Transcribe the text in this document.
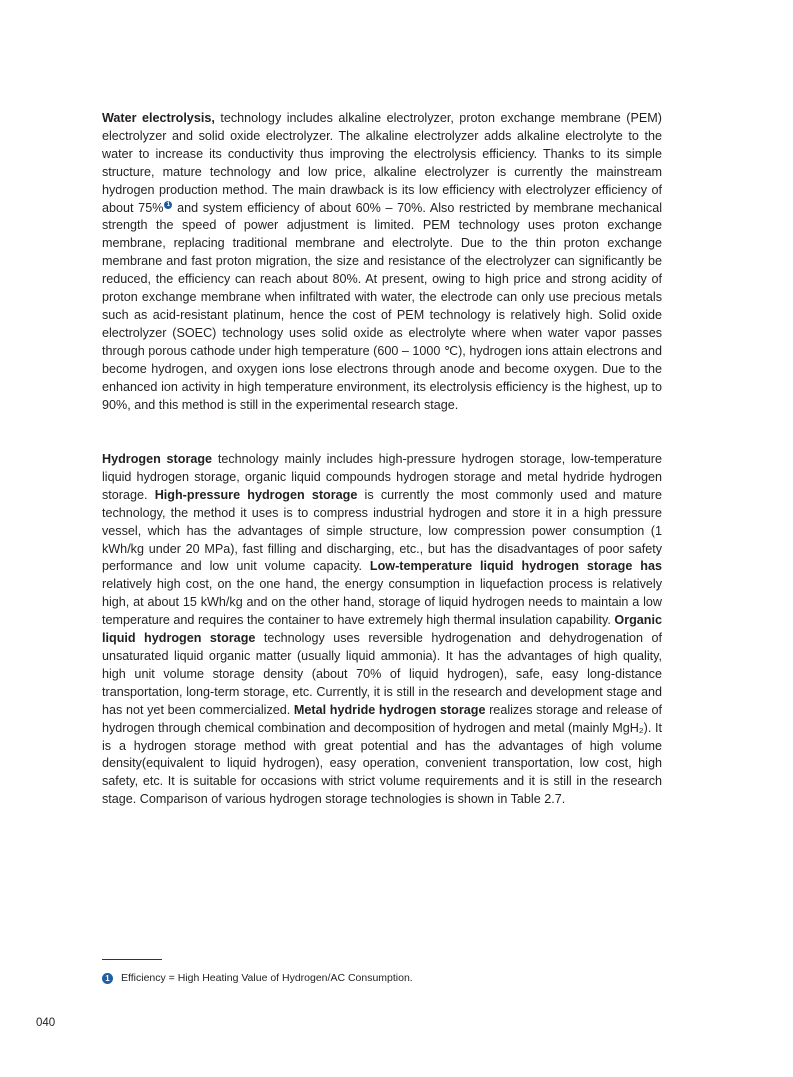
Water electrolysis, technology includes alkaline electrolyzer, proton exchange membrane (PEM) electrolyzer and solid oxide electrolyzer. The alkaline electrolyzer adds alkaline electrolyte to the water to increase its conductivity thus improving the electrolysis efficiency. Thanks to its simple structure, mature technology and low price, alkaline electrolyzer is currently the mainstream hydrogen production method. The main drawback is its low efficiency with electrolyzer efficiency of about 75% 1 and system efficiency of about 60% – 70%. Also restricted by membrane mechanical strength the speed of power adjustment is limited. PEM technology uses proton exchange membrane, replacing traditional membrane and electrolyte. Due to the thin proton exchange membrane and fast proton migration, the size and resistance of the electrolyzer can significantly be reduced, the efficiency can reach about 80%. At present, owing to high price and strong acidity of proton exchange membrane when infiltrated with water, the electrode can only use precious metals such as acid-resistant platinum, hence the cost of PEM technology is relatively high. Solid oxide electrolyzer (SOEC) technology uses solid oxide as electrolyte where when water vapor passes through porous cathode under high temperature (600 – 1000 ℃), hydrogen ions attain electrons and become hydrogen, and oxygen ions lose electrons through anode and become oxygen. Due to the enhanced ion activity in high temperature environment, its electrolysis efficiency is the highest, up to 90%, and this method is still in the experimental research stage.
Hydrogen storage technology mainly includes high-pressure hydrogen storage, low-temperature liquid hydrogen storage, organic liquid compounds hydrogen storage and metal hydride hydrogen storage. High-pressure hydrogen storage is currently the most commonly used and mature technology, the method it uses is to compress industrial hydrogen and store it in a high pressure vessel, which has the advantages of simple structure, low compression power consumption (1 kWh/kg under 20 MPa), fast filling and discharging, etc., but has the disadvantages of poor safety performance and low unit volume capacity. Low-temperature liquid hydrogen storage has relatively high cost, on the one hand, the energy consumption in liquefaction process is relatively high, at about 15 kWh/kg and on the other hand, storage of liquid hydrogen needs to maintain a low temperature and requires the container to have extremely high thermal insulation capability. Organic liquid hydrogen storage technology uses reversible hydrogenation and dehydrogenation of unsaturated liquid organic matter (usually liquid ammonia). It has the advantages of high quality, high unit volume storage density (about 70% of liquid hydrogen), safe, easy long-distance transportation, long-term storage, etc. Currently, it is still in the research and development stage and has not yet been commercialized. Metal hydride hydrogen storage realizes storage and release of hydrogen through chemical combination and decomposition of hydrogen and metal (mainly MgH₂). It is a hydrogen storage method with great potential and has the advantages of high volume density(equivalent to liquid hydrogen), easy operation, convenient transportation, low cost, high safety, etc. It is suitable for occasions with strict volume requirements and it is still in the research stage. Comparison of various hydrogen storage technologies is shown in Table 2.7.
1	Efficiency = High Heating Value of Hydrogen/AC Consumption.
040
